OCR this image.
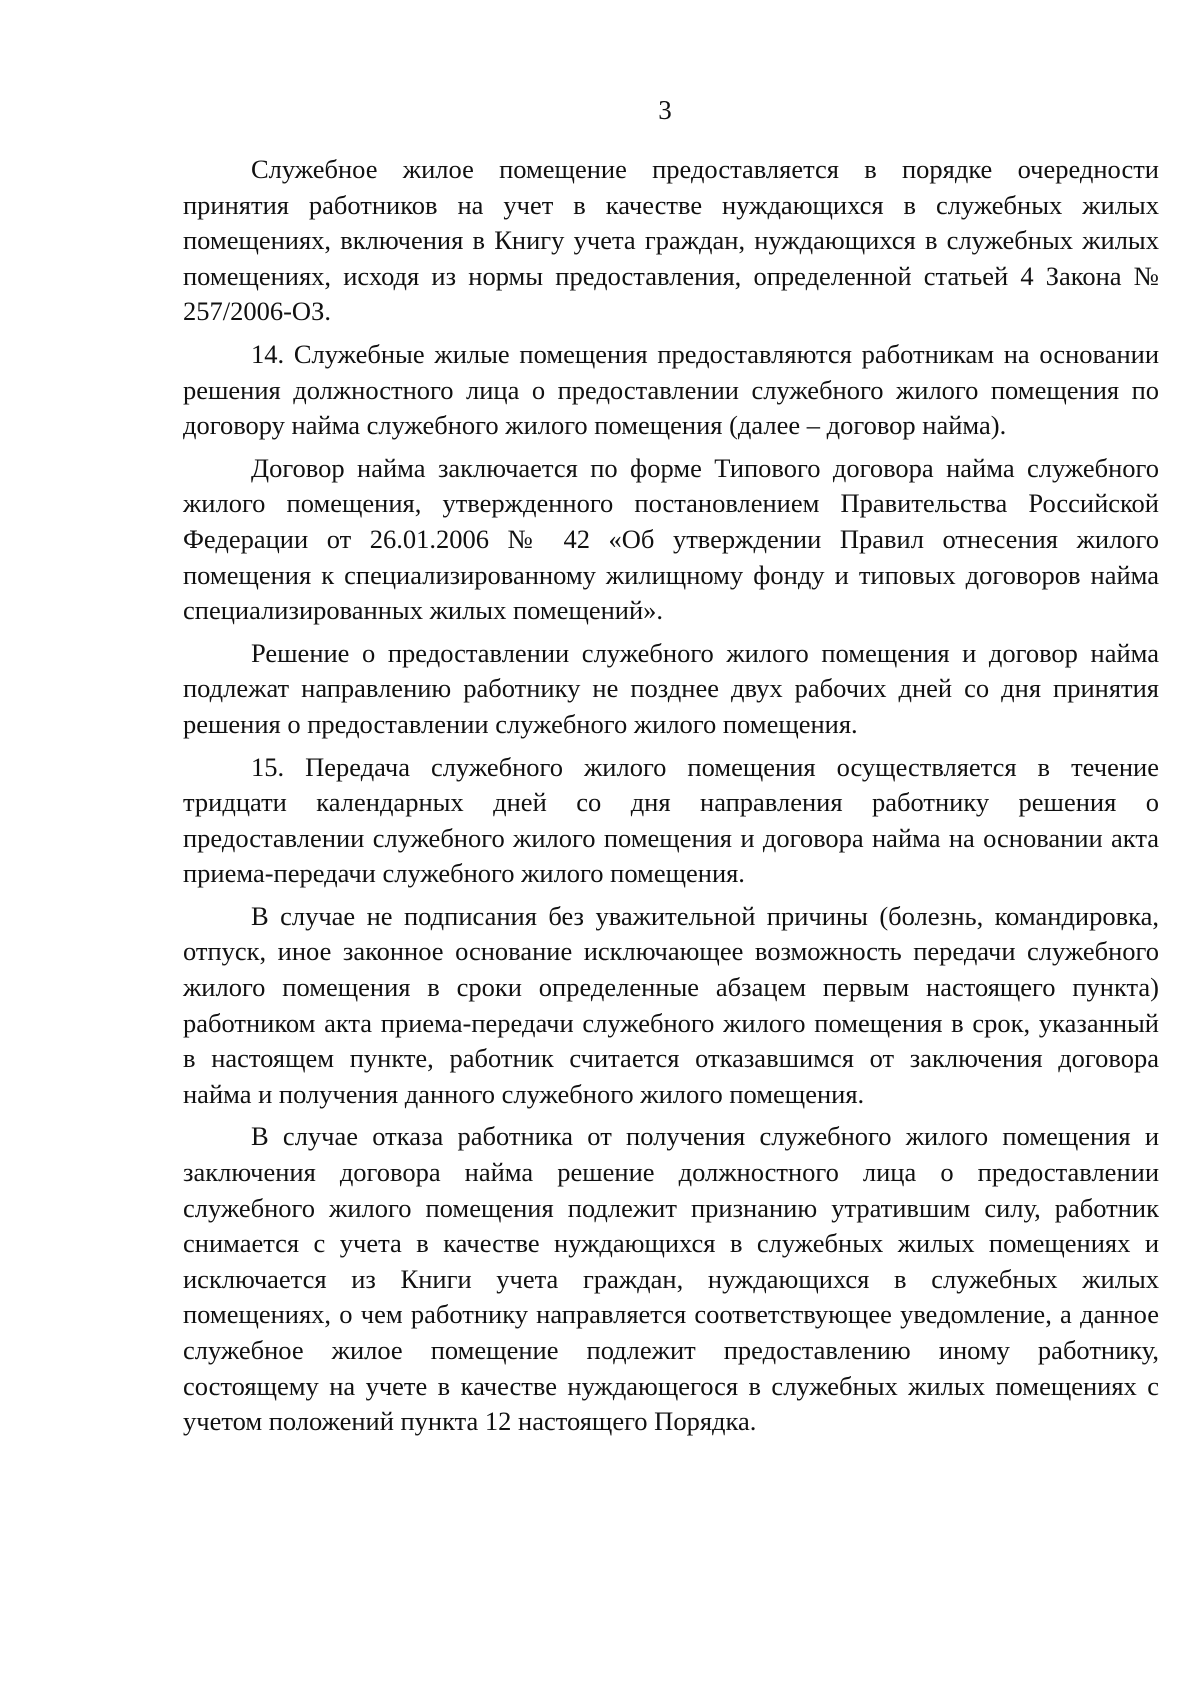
3

Служебное жилое помещение предоставляется в порядке очередности принятия работников на учет в качестве нуждающихся в служебных жилых помещениях, включения в Книгу учета граждан, нуждающихся в служебных жилых помещениях, исходя из нормы предоставления, определенной статьей 4 Закона № 257/2006-ОЗ.

14. Служебные жилые помещения предоставляются работникам на основании решения должностного лица о предоставлении служебного жилого помещения по договору найма служебного жилого помещения (далее – договор найма).

Договор найма заключается по форме Типового договора найма служебного жилого помещения, утвержденного постановлением Правительства Российской Федерации от 26.01.2006 № 42 «Об утверждении Правил отнесения жилого помещения к специализированному жилищному фонду и типовых договоров найма специализированных жилых помещений».

Решение о предоставлении служебного жилого помещения и договор найма подлежат направлению работнику не позднее двух рабочих дней со дня принятия решения о предоставлении служебного жилого помещения.

15. Передача служебного жилого помещения осуществляется в течение тридцати календарных дней со дня направления работнику решения о предоставлении служебного жилого помещения и договора найма на основании акта приема-передачи служебного жилого помещения.

В случае не подписания без уважительной причины (болезнь, командировка, отпуск, иное законное основание исключающее возможность передачи служебного жилого помещения в сроки определенные абзацем первым настоящего пункта) работником акта приема-передачи служебного жилого помещения в срок, указанный в настоящем пункте, работник считается отказавшимся от заключения договора найма и получения данного служебного жилого помещения.

В случае отказа работника от получения служебного жилого помещения и заключения договора найма решение должностного лица о предоставлении служебного жилого помещения подлежит признанию утратившим силу, работник снимается с учета в качестве нуждающихся в служебных жилых помещениях и исключается из Книги учета граждан, нуждающихся в служебных жилых помещениях, о чем работнику направляется соответствующее уведомление, а данное служебное жилое помещение подлежит предоставлению иному работнику, состоящему на учете в качестве нуждающегося в служебных жилых помещениях с учетом положений пункта 12 настоящего Порядка.
